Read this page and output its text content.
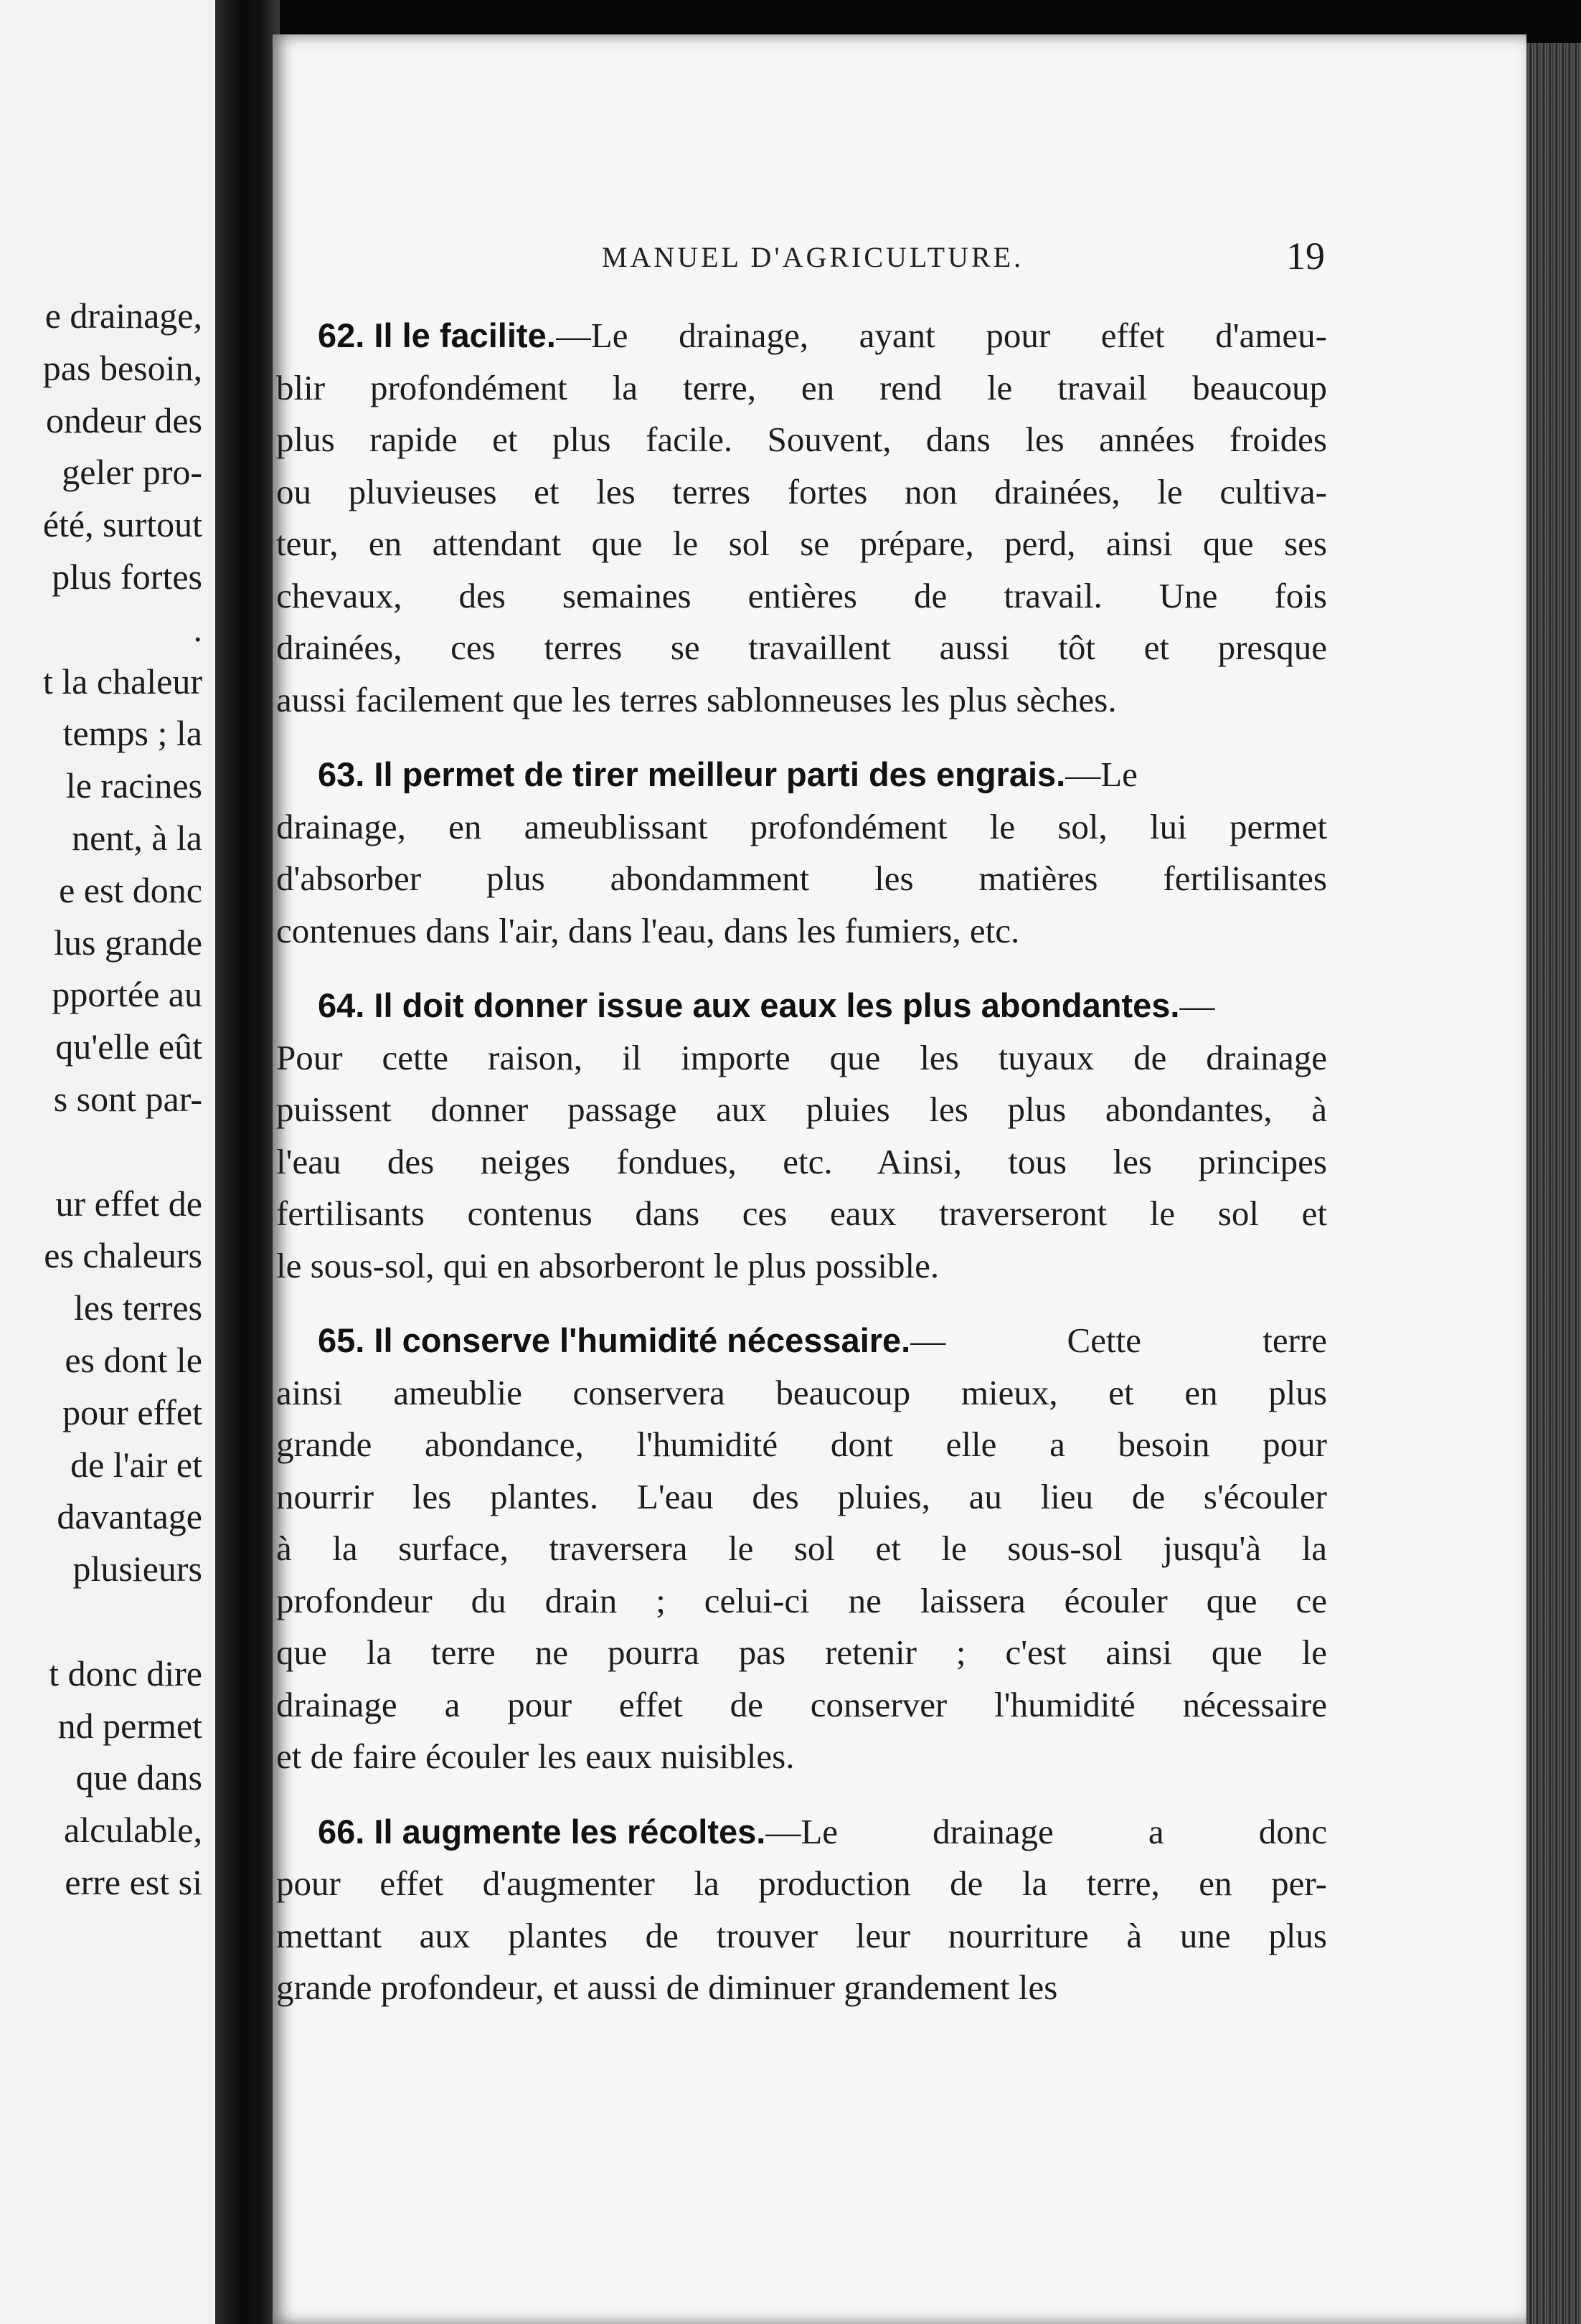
e drainage,
pas besoin,
ondeur des
geler pro-
été, surtout
plus fortes
.
t la chaleur
temps ; la
le racines
nent, à la
e est donc
lus grande
pportée au
qu'elle eût
s sont par-
ur effet de
es chaleurs
les terres
es dont le
pour effet
de l'air et
davantage
plusieurs
t donc dire
nd permet
que dans
alculable,
erre est si
MANUEL D'AGRICULTURE.	19
62. Il le facilite. —Le drainage, ayant pour effet d'ameu-
blir profondément la terre, en rend le travail beaucoup
plus rapide et plus facile. Souvent, dans les années froides
ou pluvieuses et les terres fortes non drainées, le cultiva-
teur, en attendant que le sol se prépare, perd, ainsi que ses
chevaux, des semaines entières de travail. Une fois
drainées, ces terres se travaillent aussi tôt et presque
aussi facilement que les terres sablonneuses les plus sèches.
63. Il permet de tirer meilleur parti des engrais. —Le
drainage, en ameublissant profondément le sol, lui permet
d'absorber plus abondamment les matières fertilisantes
contenues dans l'air, dans l'eau, dans les fumiers, etc.
64. Il doit donner issue aux eaux les plus abondantes. —
Pour cette raison, il importe que les tuyaux de drainage
puissent donner passage aux pluies les plus abondantes, à
l'eau des neiges fondues, etc. Ainsi, tous les principes
fertilisants contenus dans ces eaux traverseront le sol et
le sous-sol, qui en absorberont le plus possible.
65. Il conserve l'humidité nécessaire. — Cette terre
ainsi ameublie conservera beaucoup mieux, et en plus
grande abondance, l'humidité dont elle a besoin pour
nourrir les plantes. L'eau des pluies, au lieu de s'écouler
à la surface, traversera le sol et le sous-sol jusqu'à la
profondeur du drain ; celui-ci ne laissera écouler que ce
que la terre ne pourra pas retenir ; c'est ainsi que le
drainage a pour effet de conserver l'humidité nécessaire
et de faire écouler les eaux nuisibles.
66. Il augmente les récoltes. —Le drainage a donc
pour effet d'augmenter la production de la terre, en per-
mettant aux plantes de trouver leur nourriture à une plus
grande profondeur, et aussi de diminuer grandement les
